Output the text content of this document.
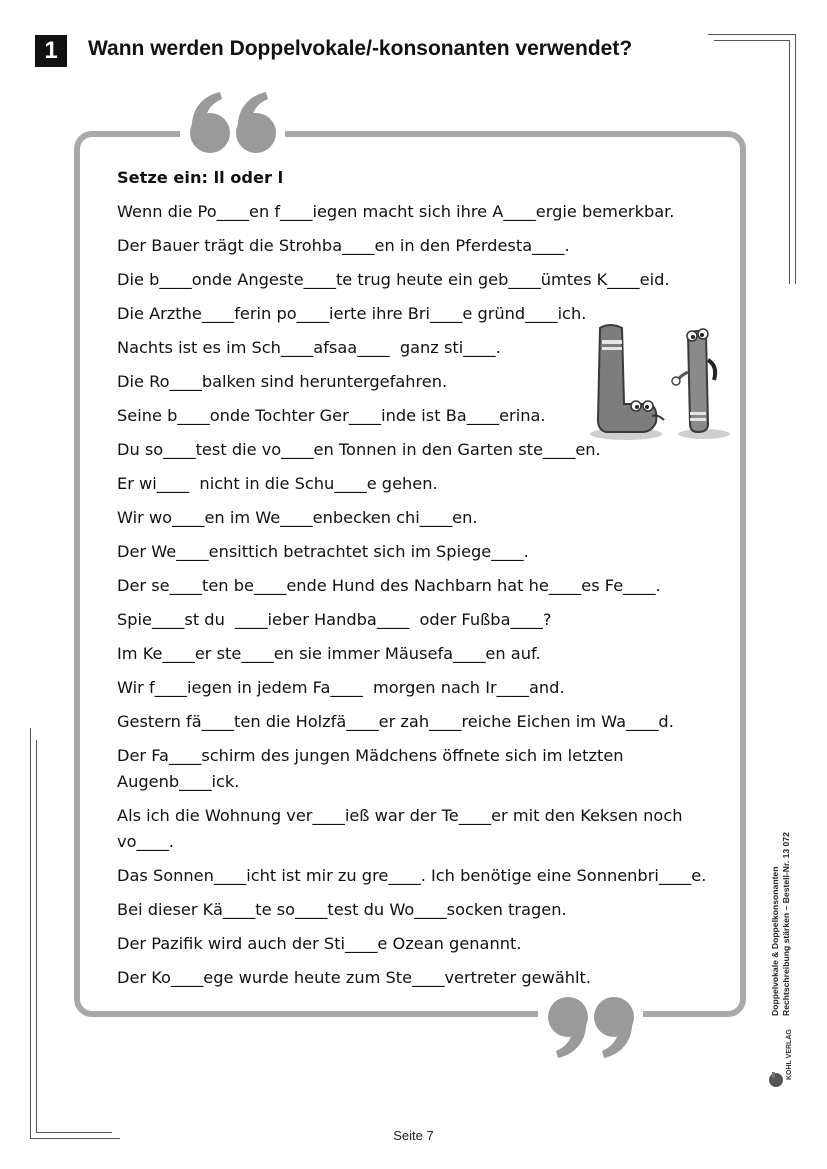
1	Wann werden Doppelvokale/-konsonanten verwendet?
Setze ein: ll oder l
Wenn die Po____en f____iegen macht sich ihre A____ergie bemerkbar.
Der Bauer trägt die Strohba____en in den Pferdesta____.
Die b____onde Angeste____te trug heute ein geb____ümtes K____eid.
Die Arzthe____ferin po____ierte ihre Bri____e gründ____ich.
Nachts ist es im Sch____afsaa____  ganz sti____.
Die Ro____balken sind heruntergefahren.
Seine b____onde Tochter Ger____inde ist Ba____erina.
Du so____test die vo____en Tonnen in den Garten ste____en.
Er wi____  nicht in die Schu____e gehen.
Wir wo____en im We____enbecken chi____en.
Der We____ensittich betrachtet sich im Spiege____.
Der se____ten be____ende Hund des Nachbarn hat he____es Fe____.
Spie____st du  ____ieber Handba____  oder Fußba____?
Im Ke____er ste____en sie immer Mäusefa____en auf.
Wir f____iegen in jedem Fa____  morgen nach Ir____and.
Gestern fä____ten die Holzfä____er zah____reiche Eichen im Wa____d.
Der Fa____schirm des jungen Mädchens öffnete sich im letzten Augenb____ick.
Als ich die Wohnung ver____ieß war der Te____er mit den Keksen noch vo____.
Das Sonnen____icht ist mir zu gre____. Ich benötige eine Sonnenbri____e.
Bei dieser Kä____te so____test du Wo____socken tragen.
Der Pazifik wird auch der Sti____e Ozean genannt.
Der Ko____ege wurde heute zum Ste____vertreter gewählt.	Doppelvokale & Doppelkonsonanten Rechtschreibung stärken – Bestell-Nr. 13 072
KOHL VERLAG
Seite 7
